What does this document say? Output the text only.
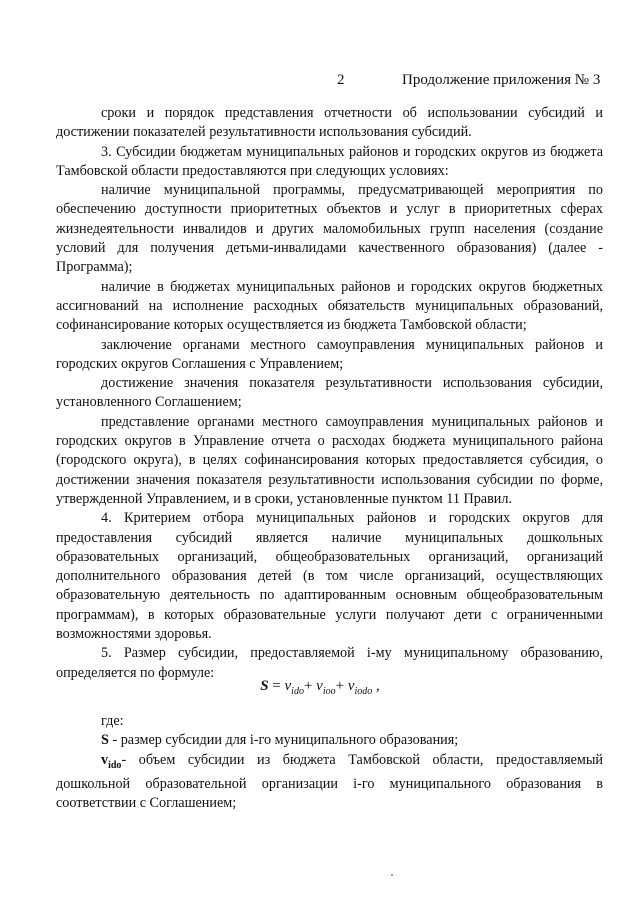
2	Продолжение приложения № 3

сроки и порядок представления отчетности об использовании субсидий и достижении показателей результативности использования субсидий.

3. Субсидии бюджетам муниципальных районов и городских округов из бюджета Тамбовской области предоставляются при следующих условиях:

наличие муниципальной программы, предусматривающей мероприятия по обеспечению доступности приоритетных объектов и услуг в приоритетных сферах жизнедеятельности инвалидов и других маломобильных групп населения (создание условий для получения детьми-инвалидами качественного образования) (далее - Программа);

наличие в бюджетах муниципальных районов и городских округов бюджетных ассигнований на исполнение расходных обязательств муниципальных образований, софинансирование которых осуществляется из бюджета Тамбовской области;

заключение органами местного самоуправления муниципальных районов и городских округов Соглашения с Управлением;

достижение значения показателя результативности использования субсидии, установленного Соглашением;

представление органами местного самоуправления муниципальных районов и городских округов в Управление отчета о расходах бюджета муниципального района (городского округа), в целях софинансирования которых предоставляется субсидия, о достижении значения показателя результативности использования субсидии по форме, утвержденной Управлением, и в сроки, установленные пунктом 11 Правил.

4. Критерием отбора муниципальных районов и городских округов для предоставления субсидий является наличие муниципальных дошкольных образовательных организаций, общеобразовательных организаций, организаций дополнительного образования детей (в том числе организаций, осуществляющих образовательную деятельность по адаптированным основным общеобразовательным программам), в которых образовательные услуги получают дети с ограниченными возможностями здоровья.

5. Размер субсидии, предоставляемой i-му муниципальному образованию, определяется по формуле:

$S = v_{ido}+ v_{ioo}+ v_{iodo}$ ,

где:

S - размер субсидии для i-го муниципального образования;

$v_{ido}-$ объем субсидии из бюджета Тамбовской области, предоставляемый дошкольной образовательной организации i-го муниципального образования в соответствии с Соглашением;
